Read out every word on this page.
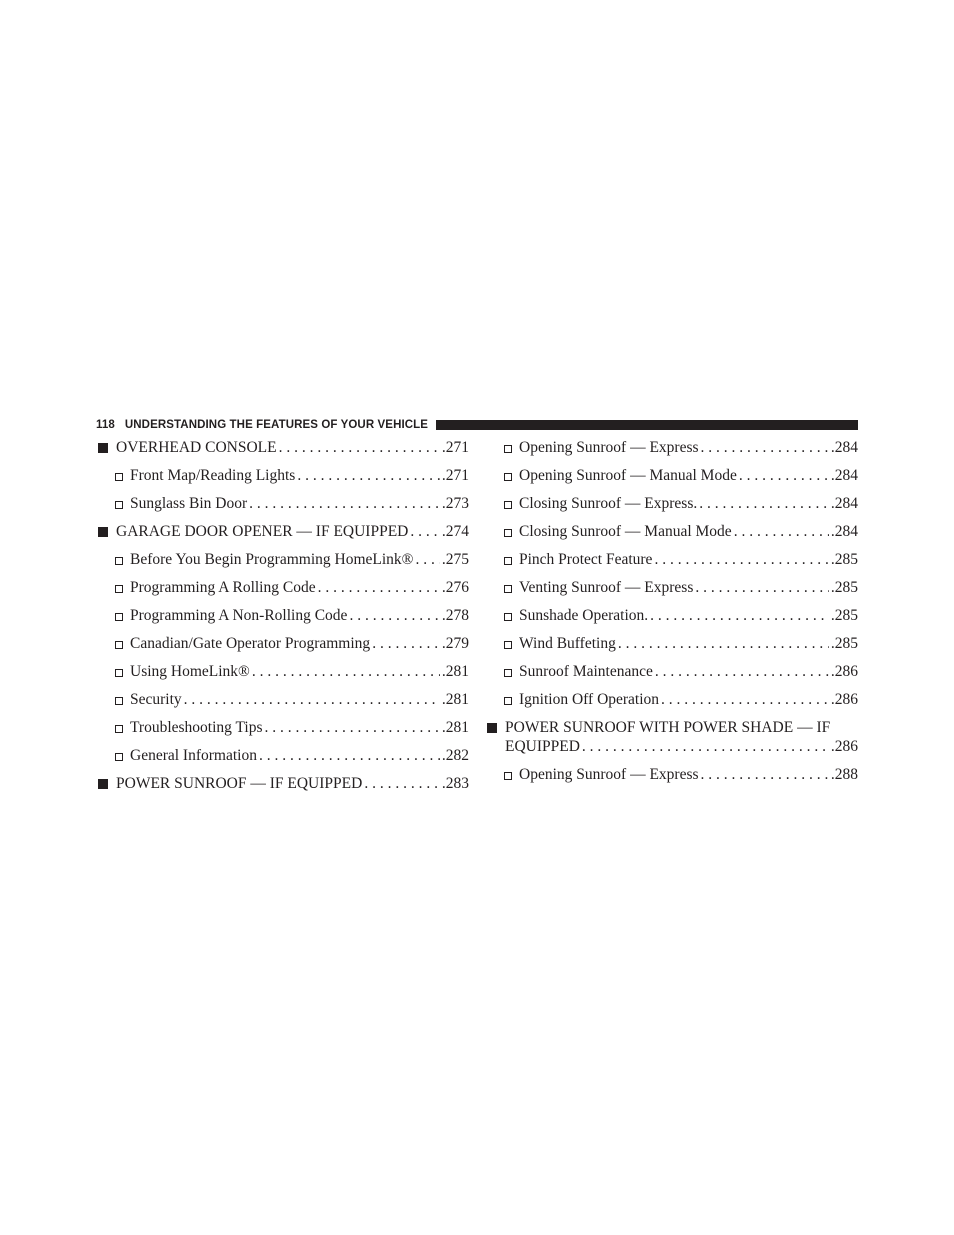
118 UNDERSTANDING THE FEATURES OF YOUR VEHICLE
OVERHEAD CONSOLE . . .	.271
Front Map/Reading Lights . . .	.271
Sunglass Bin Door . . .	.273
GARAGE DOOR OPENER — IF EQUIPPED . . . .274
Before You Begin Programming HomeLink® . . . .275
Programming A Rolling Code . . .	.276
Programming A Non-Rolling Code . . .	.278
Canadian/Gate Operator Programming . . .	.279
Using HomeLink® . . .	.281
Security . . .	.281
Troubleshooting Tips . . .	.281
General Information . . .	.282
POWER SUNROOF — IF EQUIPPED . . .	.283
Opening Sunroof — Express . . .	.284
Opening Sunroof — Manual Mode . . .	.284
Closing Sunroof — Express. . . .	.284
Closing Sunroof — Manual Mode . . .	.284
Pinch Protect Feature . . .	.285
Venting Sunroof — Express . . .	.285
Sunshade Operation. . . .	.285
Wind Buffeting . . .	.285
Sunroof Maintenance . . .	.286
Ignition Off Operation . . .	.286
POWER SUNROOF WITH POWER SHADE — IF
EQUIPPED . . .	.286
Opening Sunroof — Express . . .	.288
